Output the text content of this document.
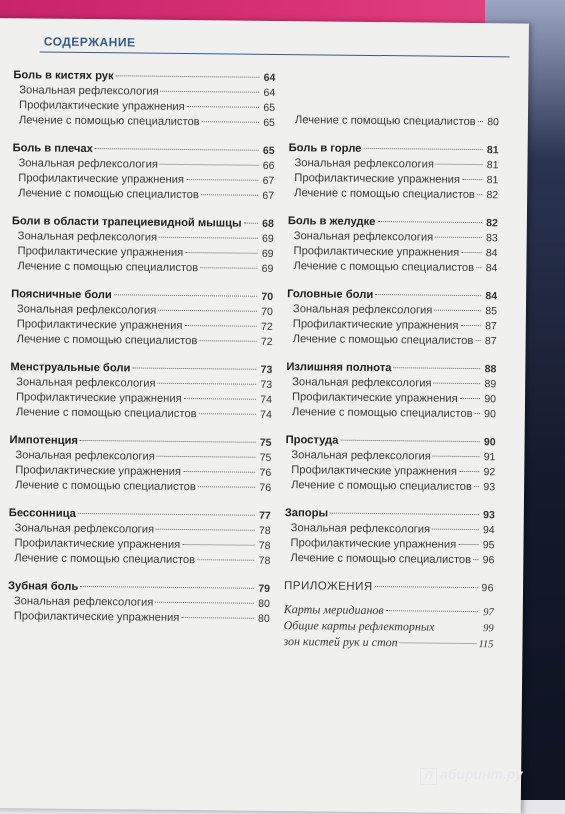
СОДЕРЖАНИЕ
Боль в кистях рук	64
Зональная рефлексология	64
Профилактические упражнения	65
Лечение с помощью специалистов	65
Боль в плечах	65
Зональная рефлексология	66
Профилактические упражнения	67
Лечение с помощью специалистов	67
Боли в области трапециевидной мышцы 68
Зональная рефлексология	69
Профилактические упражнения	69
Лечение с помощью специалистов	69
Поясничные боли	70
Зональная рефлексология	70
Профилактические упражнения	72
Лечение с помощью специалистов	72
Менструальные боли	73
Зональная рефлексология	73
Профилактические упражнения	74
Лечение с помощью специалистов	74
Импотенция	75
Зональная рефлексология	75
Профилактические упражнения	76
Лечение с помощью специалистов	76
Бессонница	77
Зональная рефлексология	78
Профилактические упражнения	78
Лечение с помощью специалистов	78
Зубная боль	79
Зональная рефлексология	80
Профилактические упражнения	80
Лечение с помощью специалистов 80
Боль в горле	81
Зональная рефлексология	81
Профилактические упражнения	81
Лечение с помощью специалистов 82
Боль в желудке	82
Зональная рефлексология	83
Профилактические упражнения	84
Лечение с помощью специалистов 84
Головные боли	84
Зональная рефлексология	85
Профилактические упражнения	87
Лечение с помощью специалистов 87
Излишняя полнота	88
Зональная рефлексология	89
Профилактические упражнения	90
Лечение с помощью специалистов 90
Простуда	90
Зональная рефлексология	91
Профилактические упражнения	92
Лечение с помощью специалистов 93
Запоры	93
Зональная рефлексология	94
Профилактические упражнения	95
Лечение с помощью специалистов 96
ПРИЛОЖЕНИЯ	96
Карты меридианов	97
Общие карты рефлекторных	99
зон кистей рук и стоп	115
Л абиринт.ру
